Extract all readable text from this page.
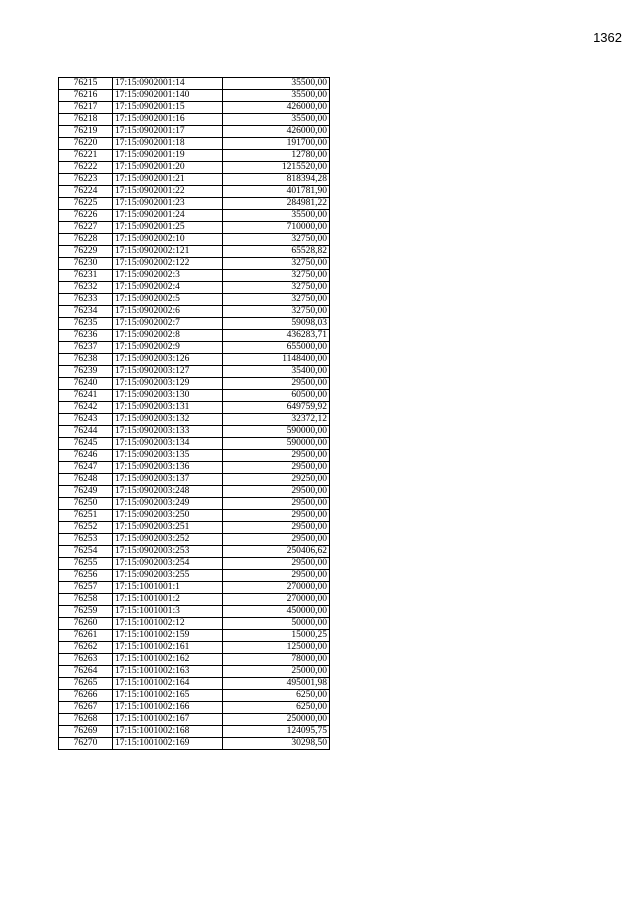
1362
76215	17:15:0902001:14	35500,00
76216	17:15:0902001:140	35500,00
76217	17:15:0902001:15	426000,00
76218	17:15:0902001:16	35500,00
76219	17:15:0902001:17	426000,00
76220	17:15:0902001:18	191700,00
76221	17:15:0902001:19	12780,00
76222	17:15:0902001:20	1215520,00
76223	17:15:0902001:21	818394,28
76224	17:15:0902001:22	401781,90
76225	17:15:0902001:23	284981,22
76226	17:15:0902001:24	35500,00
76227	17:15:0902001:25	710000,00
76228	17:15:0902002:10	32750,00
76229	17:15:0902002:121	65528,82
76230	17:15:0902002:122	32750,00
76231	17:15:0902002:3	32750,00
76232	17:15:0902002:4	32750,00
76233	17:15:0902002:5	32750,00
76234	17:15:0902002:6	32750,00
76235	17:15:0902002:7	59098,03
76236	17:15:0902002:8	436283,71
76237	17:15:0902002:9	655000,00
76238	17:15:0902003:126	1148400,00
76239	17:15:0902003:127	35400,00
76240	17:15:0902003:129	29500,00
76241	17:15:0902003:130	60500,00
76242	17:15:0902003:131	649759,92
76243	17:15:0902003:132	32372,12
76244	17:15:0902003:133	590000,00
76245	17:15:0902003:134	590000,00
76246	17:15:0902003:135	29500,00
76247	17:15:0902003:136	29500,00
76248	17:15:0902003:137	29250,00
76249	17:15:0902003:248	29500,00
76250	17:15:0902003:249	29500,00
76251	17:15:0902003:250	29500,00
76252	17:15:0902003:251	29500,00
76253	17:15:0902003:252	29500,00
76254	17:15:0902003:253	250406,62
76255	17:15:0902003:254	29500,00
76256	17:15:0902003:255	29500,00
76257	17:15:1001001:1	270000,00
76258	17:15:1001001:2	270000,00
76259	17:15:1001001:3	450000,00
76260	17:15:1001002:12	50000,00
76261	17:15:1001002:159	15000,25
76262	17:15:1001002:161	125000,00
76263	17:15:1001002:162	78000,00
76264	17:15:1001002:163	25000,00
76265	17:15:1001002:164	495001,98
76266	17:15:1001002:165	6250,00
76267	17:15:1001002:166	6250,00
76268	17:15:1001002:167	250000,00
76269	17:15:1001002:168	124095,75
76270	17:15:1001002:169	30298,50
